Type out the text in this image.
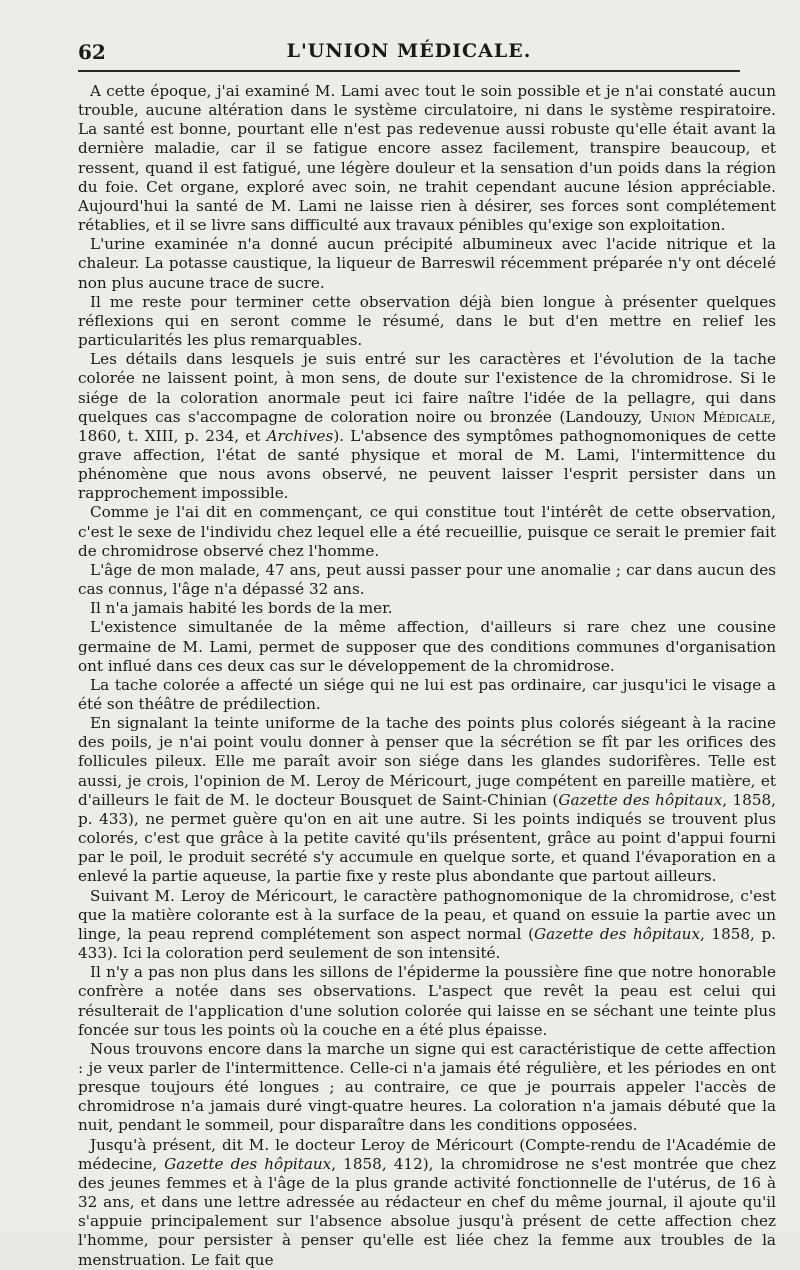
62	L'UNION MÉDICALE.

A cette époque, j'ai examiné M. Lami avec tout le soin possible et je n'ai constaté aucun trouble, aucune altération dans le système circulatoire, ni dans le système respiratoire. La santé est bonne, pourtant elle n'est pas redevenue aussi robuste qu'elle était avant la dernière maladie, car il se fatigue encore assez facilement, transpire beaucoup, et ressent, quand il est fatigué, une légère douleur et la sensation d'un poids dans la région du foie. Cet organe, exploré avec soin, ne trahit cependant aucune lésion appréciable. Aujourd'hui la santé de M. Lami ne laisse rien à désirer, ses forces sont complétement rétablies, et il se livre sans difficulté aux travaux pénibles qu'exige son exploitation.

L'urine examinée n'a donné aucun précipité albumineux avec l'acide nitrique et la chaleur. La potasse caustique, la liqueur de Barreswil récemment préparée n'y ont décelé non plus aucune trace de sucre.

Il me reste pour terminer cette observation déjà bien longue à présenter quelques réflexions qui en seront comme le résumé, dans le but d'en mettre en relief les particularités les plus remarquables.

Les détails dans lesquels je suis entré sur les caractères et l'évolution de la tache colorée ne laissent point, à mon sens, de doute sur l'existence de la chromidrose. Si le siége de la coloration anormale peut ici faire naître l'idée de la pellagre, qui dans quelques cas s'accompagne de coloration noire ou bronzée (Landouzy, Union Médicale, 1860, t. XIII, p. 234, et Archives). L'absence des symptômes pathognomoniques de cette grave affection, l'état de santé physique et moral de M. Lami, l'intermittence du phénomène que nous avons observé, ne peuvent laisser l'esprit persister dans un rapprochement impossible.

Comme je l'ai dit en commençant, ce qui constitue tout l'intérêt de cette observation, c'est le sexe de l'individu chez lequel elle a été recueillie, puisque ce serait le premier fait de chromidrose observé chez l'homme.

L'âge de mon malade, 47 ans, peut aussi passer pour une anomalie ; car dans aucun des cas connus, l'âge n'a dépassé 32 ans.

Il n'a jamais habité les bords de la mer.

L'existence simultanée de la même affection, d'ailleurs si rare chez une cousine germaine de M. Lami, permet de supposer que des conditions communes d'organisation ont influé dans ces deux cas sur le développement de la chromidrose.

La tache colorée a affecté un siége qui ne lui est pas ordinaire, car jusqu'ici le visage a été son théâtre de prédilection.

En signalant la teinte uniforme de la tache des points plus colorés siégeant à la racine des poils, je n'ai point voulu donner à penser que la sécrétion se fît par les orifices des follicules pileux. Elle me paraît avoir son siége dans les glandes sudorifères. Telle est aussi, je crois, l'opinion de M. Leroy de Méricourt, juge compétent en pareille matière, et d'ailleurs le fait de M. le docteur Bousquet de Saint-Chinian (Gazette des hôpitaux, 1858, p. 433), ne permet guère qu'on en ait une autre. Si les points indiqués se trouvent plus colorés, c'est que grâce à la petite cavité qu'ils présentent, grâce au point d'appui fourni par le poil, le produit secrété s'y accumule en quelque sorte, et quand l'évaporation en a enlevé la partie aqueuse, la partie fixe y reste plus abondante que partout ailleurs.

Suivant M. Leroy de Méricourt, le caractère pathognomonique de la chromidrose, c'est que la matière colorante est à la surface de la peau, et quand on essuie la partie avec un linge, la peau reprend complétement son aspect normal (Gazette des hôpitaux, 1858, p. 433). Ici la coloration perd seulement de son intensité.

Il n'y a pas non plus dans les sillons de l'épiderme la poussière fine que notre honorable confrère a notée dans ses observations. L'aspect que revêt la peau est celui qui résulterait de l'application d'une solution colorée qui laisse en se séchant une teinte plus foncée sur tous les points où la couche en a été plus épaisse.

Nous trouvons encore dans la marche un signe qui est caractéristique de cette affection : je veux parler de l'intermittence. Celle-ci n'a jamais été régulière, et les périodes en ont presque toujours été longues ; au contraire, ce que je pourrais appeler l'accès de chromidrose n'a jamais duré vingt-quatre heures. La coloration n'a jamais débuté que la nuit, pendant le sommeil, pour disparaître dans les conditions opposées.

Jusqu'à présent, dit M. le docteur Leroy de Méricourt (Compte-rendu de l'Académie de médecine, Gazette des hôpitaux, 1858, 412), la chromidrose ne s'est montrée que chez des jeunes femmes et à l'âge de la plus grande activité fonctionnelle de l'utérus, de 16 à 32 ans, et dans une lettre adressée au rédacteur en chef du même journal, il ajoute qu'il s'appuie principalement sur l'absence absolue jusqu'à présent de cette affection chez l'homme, pour persister à penser qu'elle est liée chez la femme aux troubles de la menstruation. Le fait que
